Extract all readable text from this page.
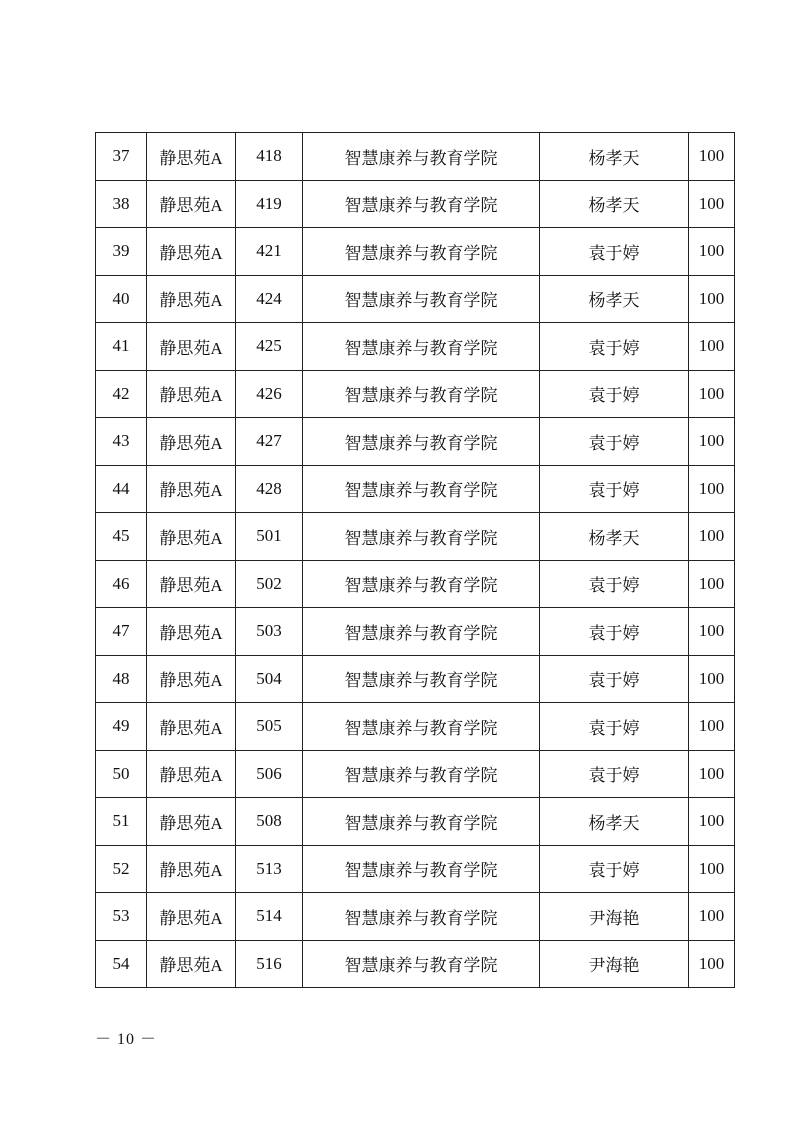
37	静思苑A	418	智慧康养与教育学院	杨孝天	100
38	静思苑A	419	智慧康养与教育学院	杨孝天	100
39	静思苑A	421	智慧康养与教育学院	袁于婷	100
40	静思苑A	424	智慧康养与教育学院	杨孝天	100
41	静思苑A	425	智慧康养与教育学院	袁于婷	100
42	静思苑A	426	智慧康养与教育学院	袁于婷	100
43	静思苑A	427	智慧康养与教育学院	袁于婷	100
44	静思苑A	428	智慧康养与教育学院	袁于婷	100
45	静思苑A	501	智慧康养与教育学院	杨孝天	100
46	静思苑A	502	智慧康养与教育学院	袁于婷	100
47	静思苑A	503	智慧康养与教育学院	袁于婷	100
48	静思苑A	504	智慧康养与教育学院	袁于婷	100
49	静思苑A	505	智慧康养与教育学院	袁于婷	100
50	静思苑A	506	智慧康养与教育学院	袁于婷	100
51	静思苑A	508	智慧康养与教育学院	杨孝天	100
52	静思苑A	513	智慧康养与教育学院	袁于婷	100
53	静思苑A	514	智慧康养与教育学院	尹海艳	100
54	静思苑A	516	智慧康养与教育学院	尹海艳	100
－ 10 －
